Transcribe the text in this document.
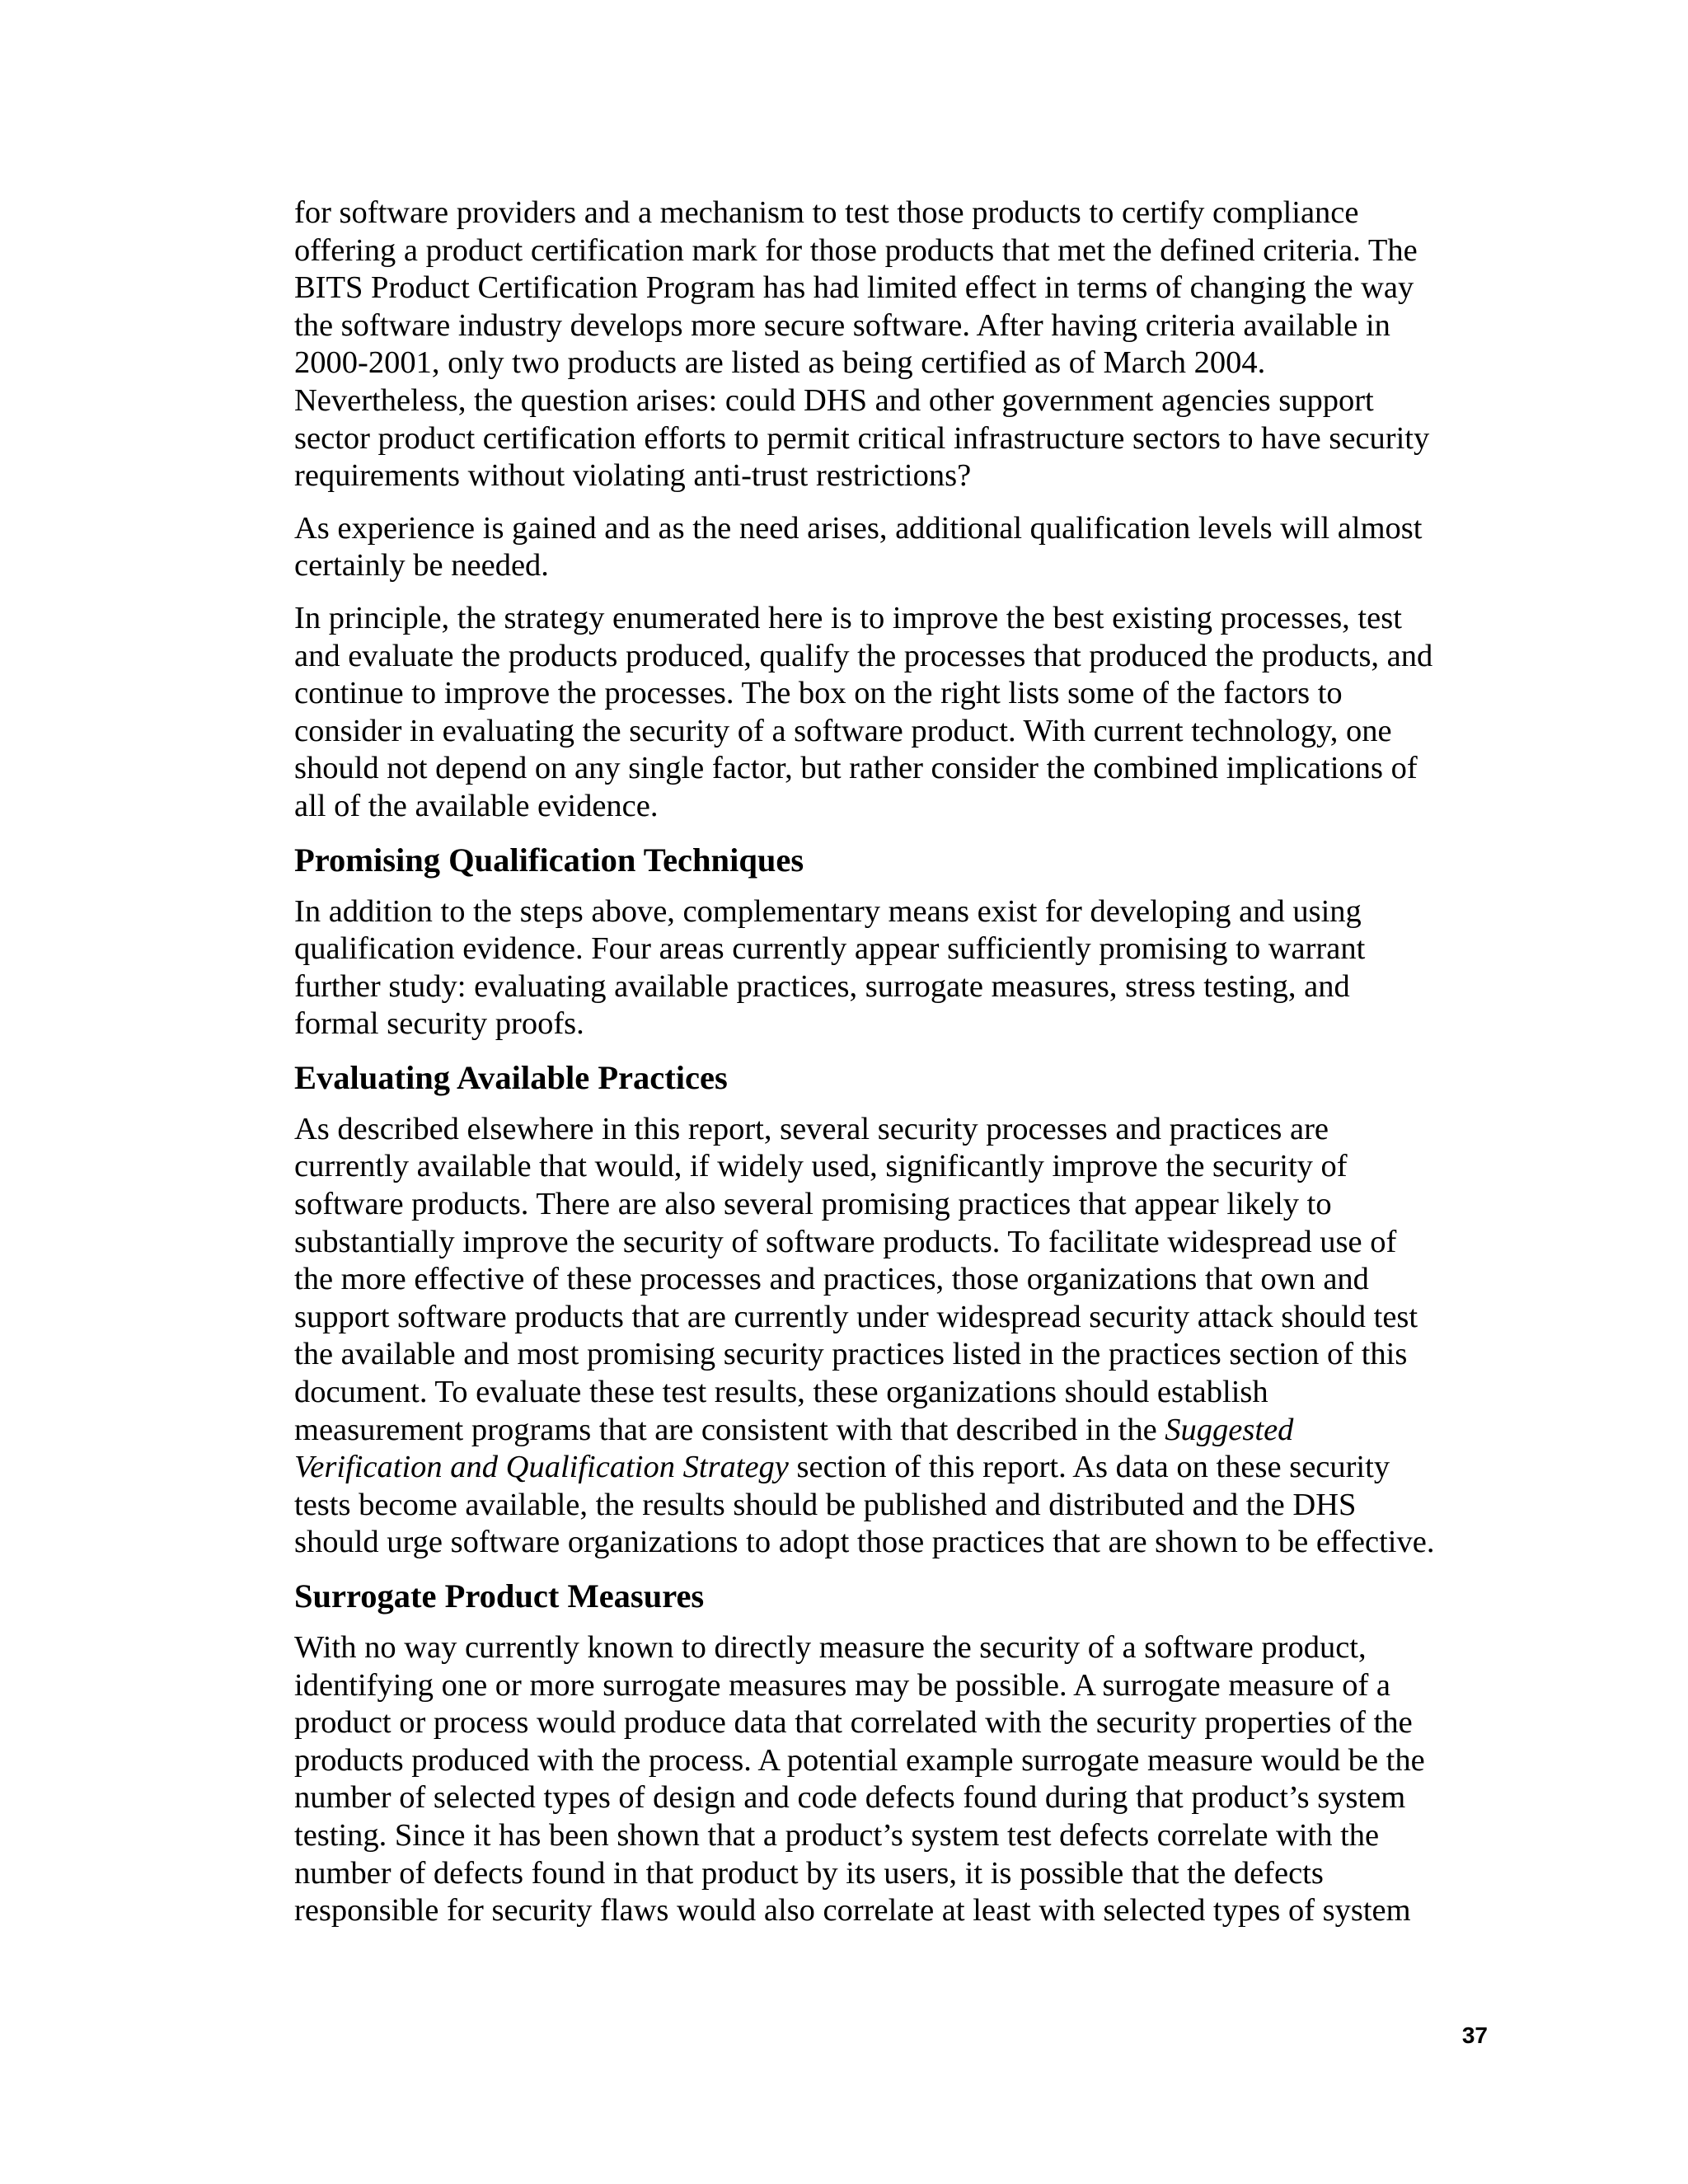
for software providers and a mechanism to test those products to certify compliance
offering a product certification mark for those products that met the defined criteria. The
BITS Product Certification Program has had limited effect in terms of changing the way
the software industry develops more secure software. After having criteria available in
2000-2001, only two products are listed as being certified as of March 2004.
Nevertheless, the question arises: could DHS and other government agencies support
sector product certification efforts to permit critical infrastructure sectors to have security
requirements without violating anti-trust restrictions?

As experience is gained and as the need arises, additional qualification levels will almost
certainly be needed.

In principle, the strategy enumerated here is to improve the best existing processes, test
and evaluate the products produced, qualify the processes that produced the products, and
continue to improve the processes. The box on the right lists some of the factors to
consider in evaluating the security of a software product. With current technology, one
should not depend on any single factor, but rather consider the combined implications of
all of the available evidence.

Promising Qualification Techniques

In addition to the steps above, complementary means exist for developing and using
qualification evidence. Four areas currently appear sufficiently promising to warrant
further study: evaluating available practices, surrogate measures, stress testing, and
formal security proofs.

Evaluating Available Practices

As described elsewhere in this report, several security processes and practices are
currently available that would, if widely used, significantly improve the security of
software products. There are also several promising practices that appear likely to
substantially improve the security of software products. To facilitate widespread use of
the more effective of these processes and practices, those organizations that own and
support software products that are currently under widespread security attack should test
the available and most promising security practices listed in the practices section of this
document. To evaluate these test results, these organizations should establish
measurement programs that are consistent with that described in the Suggested
Verification and Qualification Strategy section of this report. As data on these security
tests become available, the results should be published and distributed and the DHS
should urge software organizations to adopt those practices that are shown to be effective.

Surrogate Product Measures

With no way currently known to directly measure the security of a software product,
identifying one or more surrogate measures may be possible. A surrogate measure of a
product or process would produce data that correlated with the security properties of the
products produced with the process. A potential example surrogate measure would be the
number of selected types of design and code defects found during that product’s system
testing. Since it has been shown that a product’s system test defects correlate with the
number of defects found in that product by its users, it is possible that the defects
responsible for security flaws would also correlate at least with selected types of system

37
